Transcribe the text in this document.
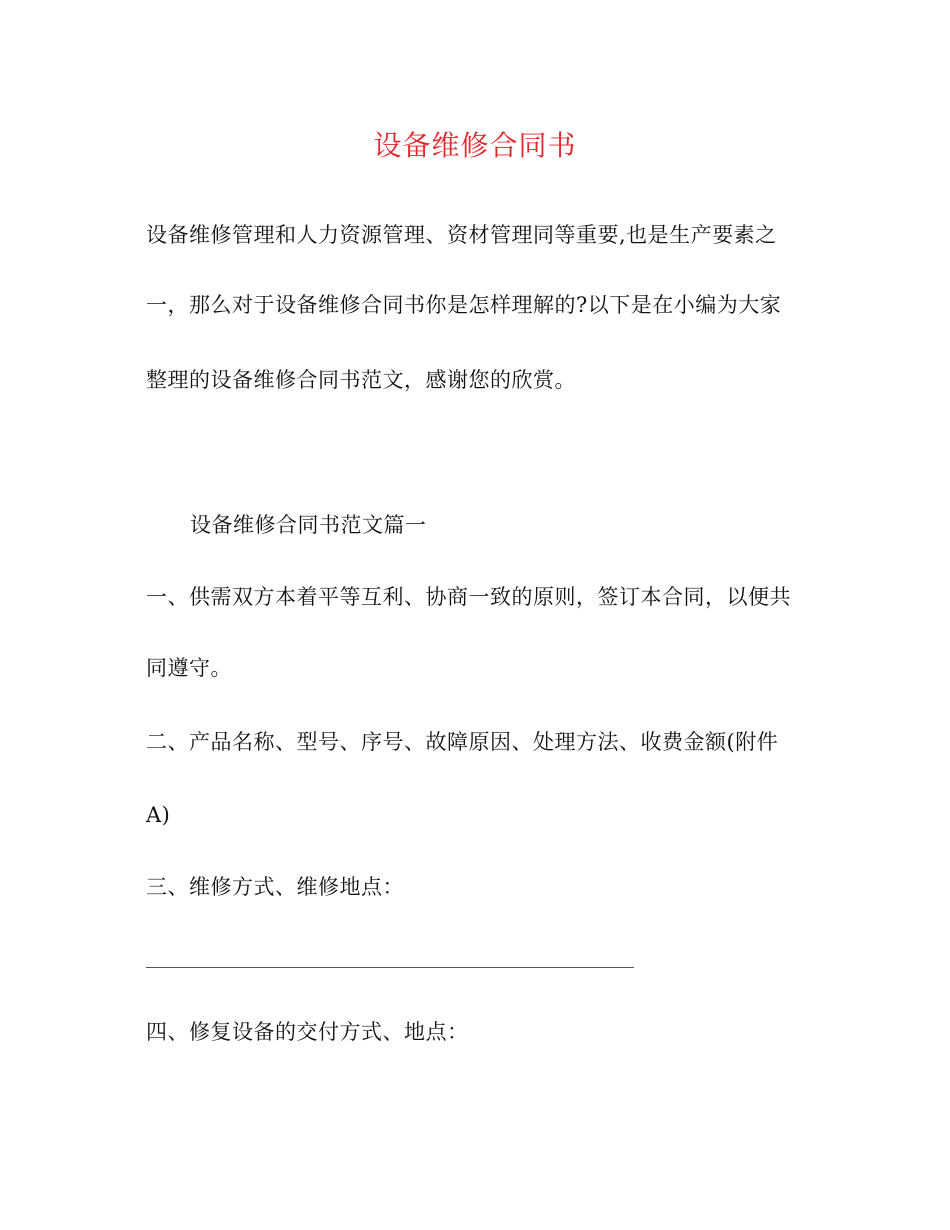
设备维修合同书
设备维修管理和人力资源管理、资材管理同等重要,也是生产要素之
一，那么对于设备维修合同书你是怎样理解的?以下是在小编为大家
整理的设备维修合同书范文，感谢您的欣赏。
设备维修合同书范文篇一
一、供需双方本着平等互利、协商一致的原则，签订本合同，以便共
同遵守。
二、产品名称、型号、序号、故障原因、处理方法、收费金额(附件
A)
三、维修方式、维修地点：
四、修复设备的交付方式、地点：
